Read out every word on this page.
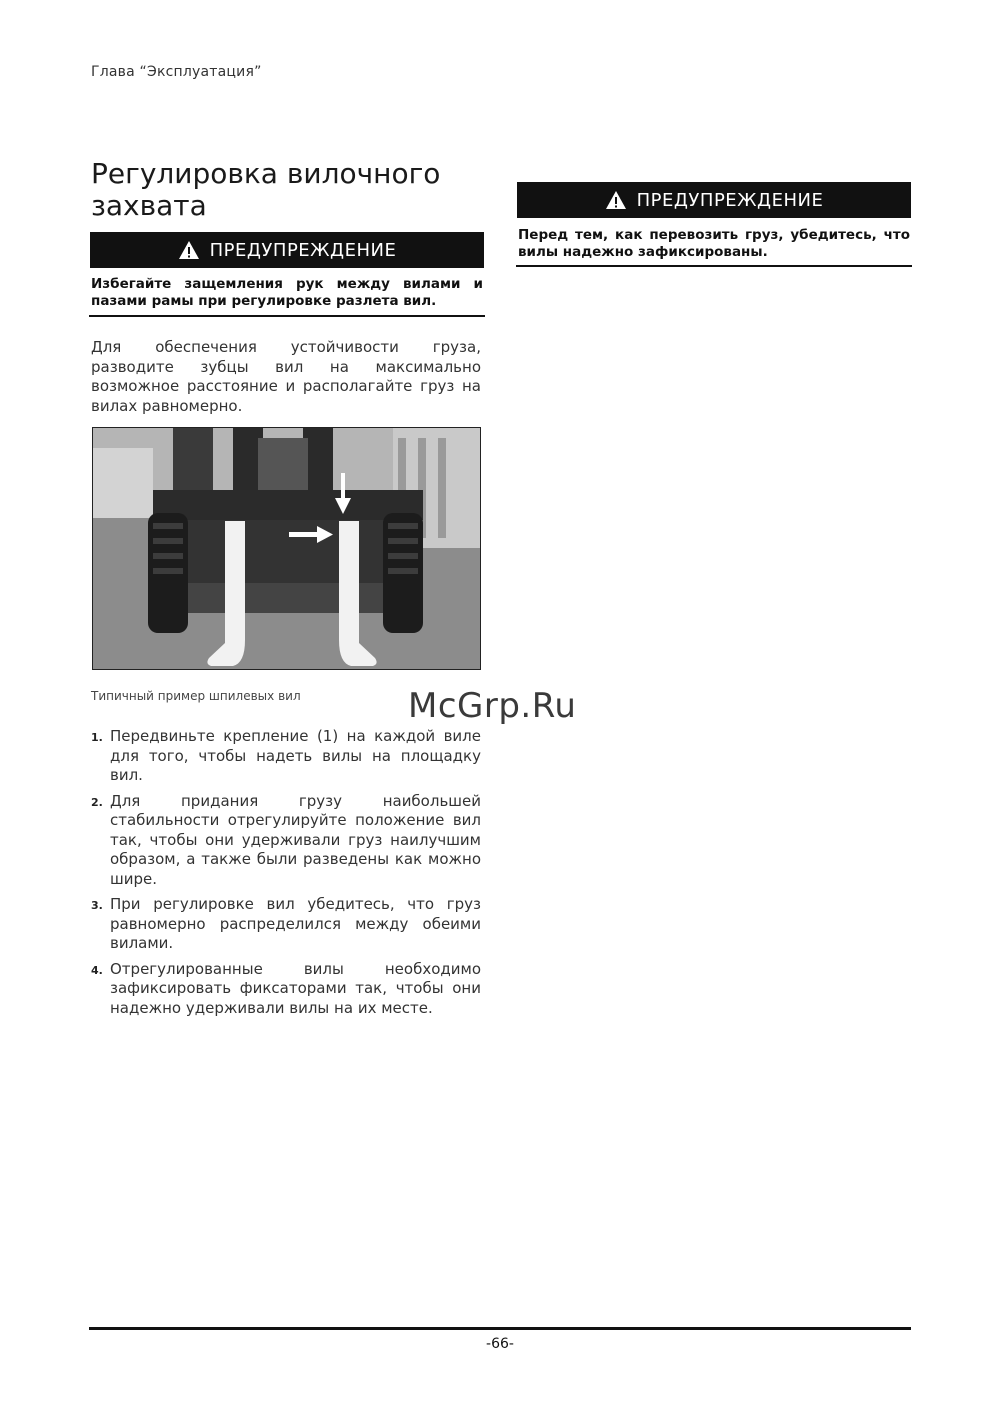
Глава “Эксплуатация”
Регулировка вилочного захвата
ПРЕДУПРЕЖДЕНИЕ
Избегайте защемления рук между вилами и пазами рамы при регулировке разлета вил.
ПРЕДУПРЕЖДЕНИЕ
Перед тем, как перевозить груз, убедитесь, что вилы надежно зафиксированы.

Для обеспечения устойчивости груза, разводите зубцы вил на максимально возможное расстояние и располагайте груз на вилах равномерно.

Типичный пример шпилевых вил	McGrp.Ru
1. Передвиньте крепление (1) на каждой виле для того, чтобы надеть вилы на площадку вил.
2. Для придания грузу наибольшей стабильности отрегулируйте положение вил так, чтобы они удерживали груз наилучшим образом, а также были разведены как можно шире.
3. При регулировке вил убедитесь, что груз равномерно распределился между обеими вилами.
4. Отрегулированные вилы необходимо зафиксировать фиксаторами так, чтобы они надежно удерживали вилы на их месте.
-66-
